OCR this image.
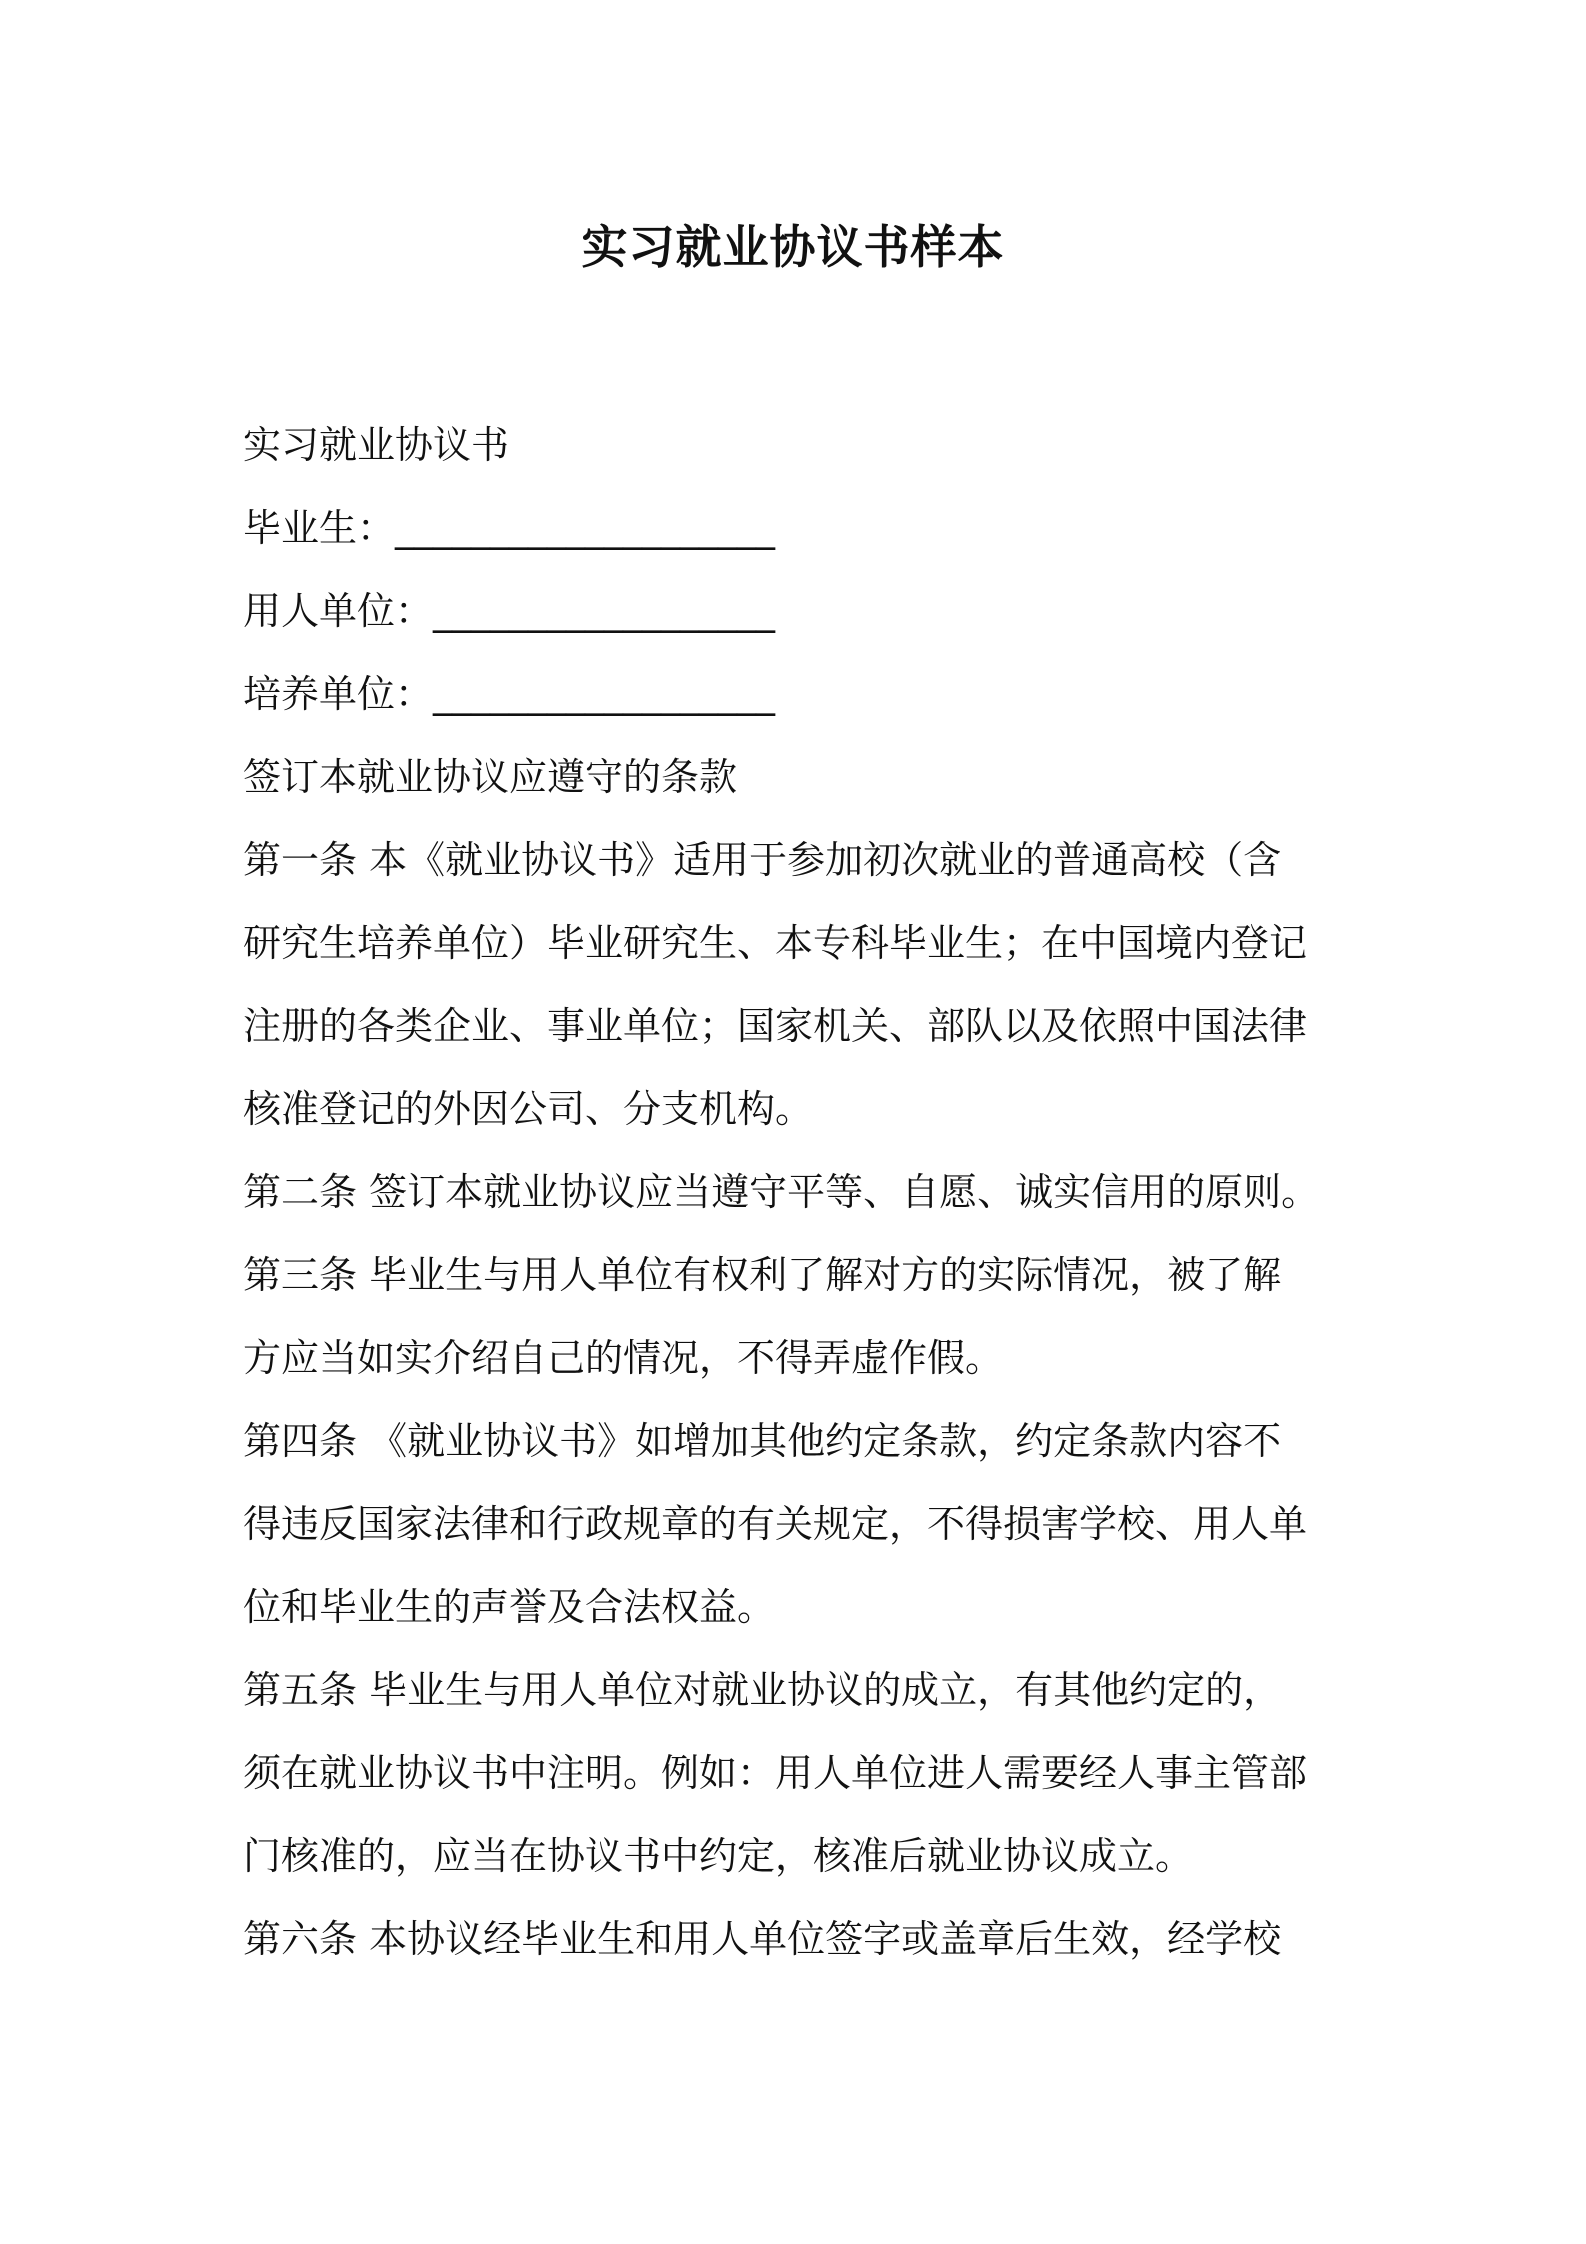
实习就业协议书样本
实习就业协议书
毕业生：____________________
用人单位：__________________
培养单位：__________________
签订本就业协议应遵守的条款
第一条 本《就业协议书》适用于参加初次就业的普通高校（含
研究生培养单位）毕业研究生、本专科毕业生；在中国境内登记
注册的各类企业、事业单位；国家机关、部队以及依照中国法律
核准登记的外因公司、分支机构。
第二条 签订本就业协议应当遵守平等、自愿、诚实信用的原则。
第三条 毕业生与用人单位有权利了解对方的实际情况，被了解
方应当如实介绍自己的情况，不得弄虚作假。
第四条 《就业协议书》如增加其他约定条款，约定条款内容不
得违反国家法律和行政规章的有关规定，不得损害学校、用人单
位和毕业生的声誉及合法权益。
第五条 毕业生与用人单位对就业协议的成立，有其他约定的，
须在就业协议书中注明。例如：用人单位进人需要经人事主管部
门核准的，应当在协议书中约定，核准后就业协议成立。
第六条 本协议经毕业生和用人单位签字或盖章后生效，经学校
